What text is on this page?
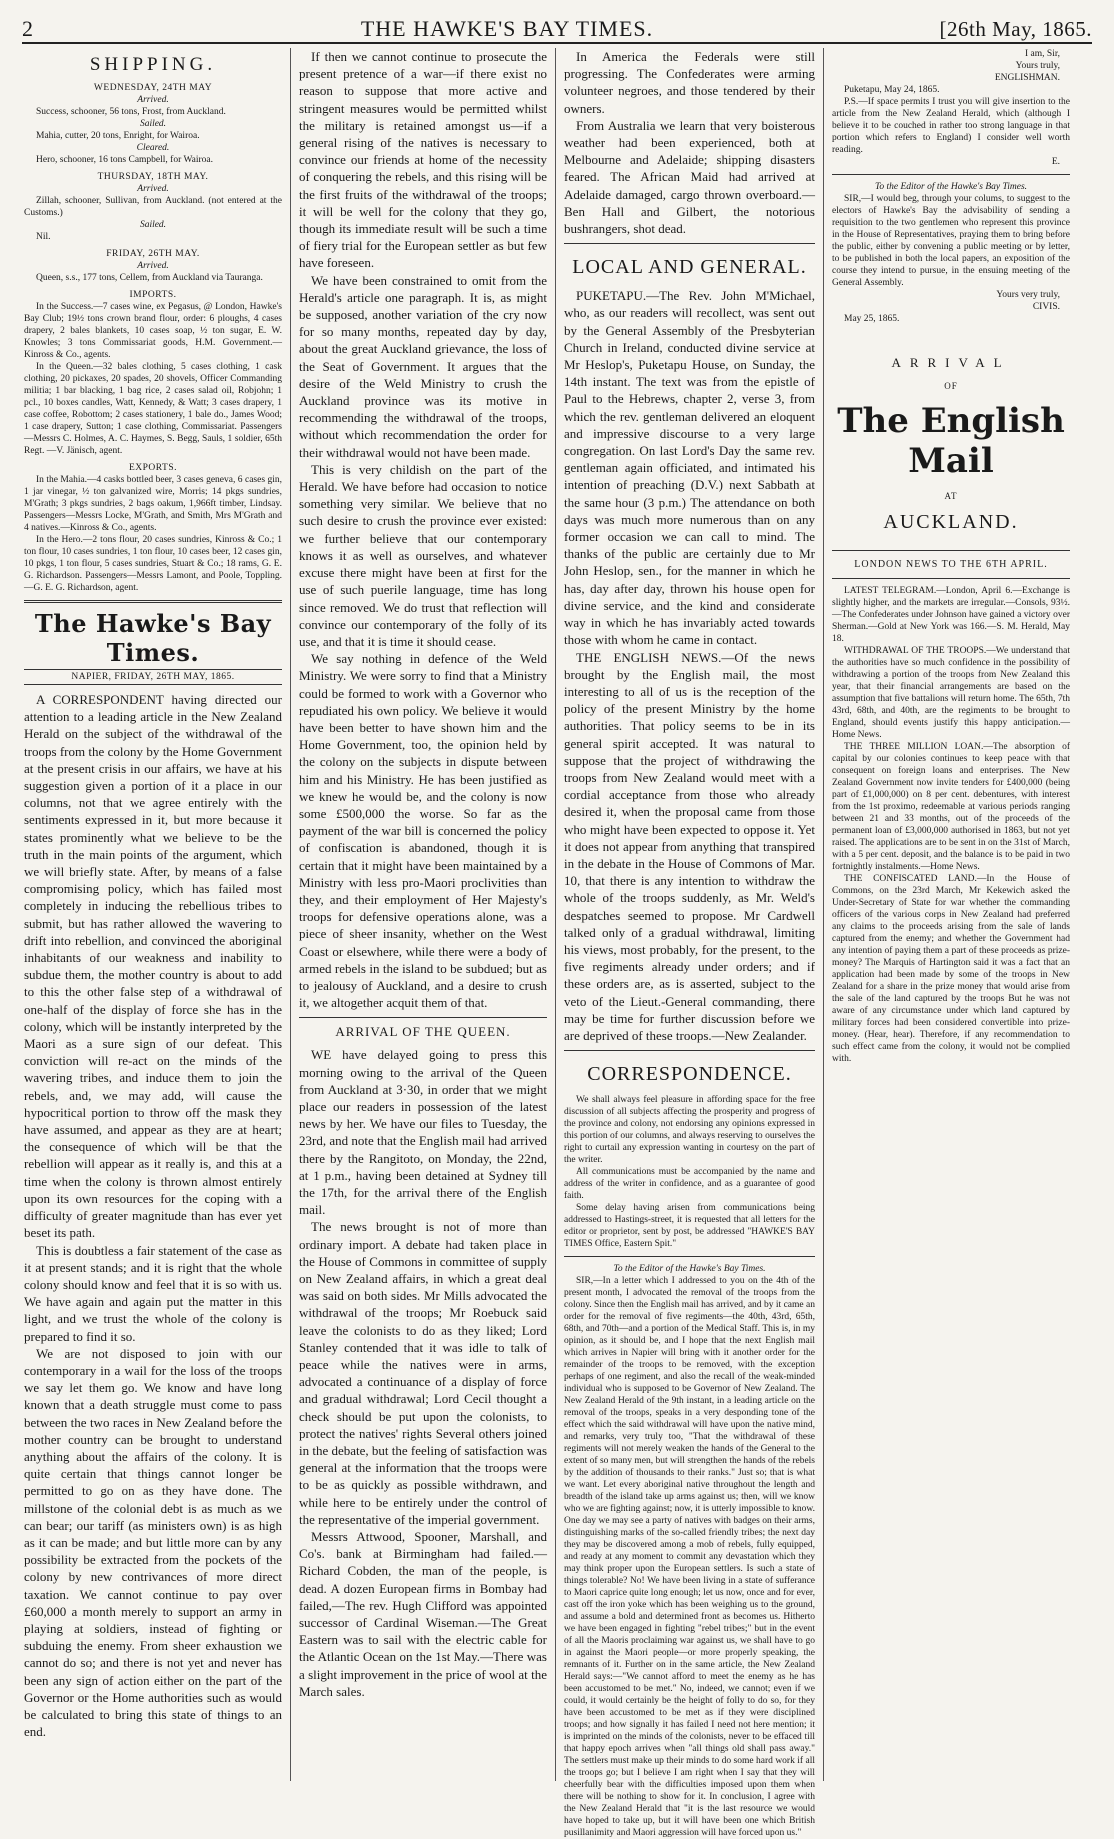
2	THE HAWKE'S BAY TIMES.	[26th May, 1865.
SHIPPING.
WEDNESDAY, 24TH MAY
Arrived.

Success, schooner, 56 tons, Frost, from Auckland.

Sailed.

Mahia, cutter, 20 tons, Enright, for Wairoa.

Cleared.

Hero, schooner, 16 tons Campbell, for Wairoa.

THURSDAY, 18TH MAY.
Arrived.

Zillah, schooner, Sullivan, from Auckland. (not entered at the Customs.)

Sailed.

Nil.

FRIDAY, 26TH MAY.
Arrived.

Queen, s.s., 177 tons, Cellem, from Auckland via Tauranga.

IMPORTS.

In the Success.—7 cases wine, ex Pegasus, @ London, Hawke's Bay Club; 19½ tons crown brand flour, order: 6 ploughs, 4 cases drapery, 2 bales blankets, 10 cases soap, ½ ton sugar, E. W. Knowles; 3 tons Commissariat goods, H.M. Government.—Kinross & Co., agents.

In the Queen.—32 bales clothing, 5 cases clothing, 1 cask clothing, 20 pickaxes, 20 spades, 20 shovels, Officer Commanding militia; 1 bar blacking, 1 bag rice, 2 cases salad oil, Robjohn; 1 pcl., 10 boxes candles, Watt, Kennedy, & Watt; 3 cases drapery, 1 case coffee, Robottom; 2 cases stationery, 1 bale do., James Wood; 1 case drapery, Sutton; 1 case clothing, Commissariat. Passengers—Messrs C. Holmes, A. C. Haymes, S. Begg, Sauls, 1 soldier, 65th Regt. —V. Jänisch, agent.

EXPORTS.

In the Mahia.—4 casks bottled beer, 3 cases geneva, 6 cases gin, 1 jar vinegar, ½ ton galvanized wire, Morris; 14 pkgs sundries, M'Grath; 3 pkgs sundries, 2 bags oakum, 1,966ft timber, Lindsay. Passengers—Messrs Locke, M'Grath, and Smith, Mrs M'Grath and 4 natives.—Kinross & Co., agents.

In the Hero.—2 tons flour, 20 cases sundries, Kinross & Co.; 1 ton flour, 10 cases sundries, 1 ton flour, 10 cases beer, 12 cases gin, 10 pkgs, 1 ton flour, 5 cases sundries, Stuart & Co.; 18 rams, G. E. G. Richardson. Passengers—Messrs Lamont, and Poole, Toppling.—G. E. G. Richardson, agent.

The Hawke's Bay Times.
NAPIER, FRIDAY, 26TH MAY, 1865.

A CORRESPONDENT having directed our attention to a leading article in the New Zealand Herald on the subject of the withdrawal of the troops from the colony by the Home Government at the present crisis in our affairs, we have at his suggestion given a portion of it a place in our columns, not that we agree entirely with the sentiments expressed in it, but more because it states prominently what we believe to be the truth in the main points of the argument, which we will briefly state. After, by means of a false compromising policy, which has failed most completely in inducing the rebellious tribes to submit, but has rather allowed the wavering to drift into rebellion, and convinced the aboriginal inhabitants of our weakness and inability to subdue them, the mother country is about to add to this the other false step of a withdrawal of one-half of the display of force she has in the colony, which will be instantly interpreted by the Maori as a sure sign of our defeat. This conviction will re-act on the minds of the wavering tribes, and induce them to join the rebels, and, we may add, will cause the hypocritical portion to throw off the mask they have assumed, and appear as they are at heart; the consequence of which will be that the rebellion will appear as it really is, and this at a time when the colony is thrown almost entirely upon its own resources for the coping with a difficulty of greater magnitude than has ever yet beset its path.

This is doubtless a fair statement of the case as it at present stands; and it is right that the whole colony should know and feel that it is so with us. We have again and again put the matter in this light, and we trust the whole of the colony is prepared to find it so.

We are not disposed to join with our contemporary in a wail for the loss of the troops we say let them go. We know and have long known that a death struggle must come to pass between the two races in New Zealand before the mother country can be brought to understand anything about the affairs of the colony. It is quite certain that things cannot longer be permitted to go on as they have done. The millstone of the colonial debt is as much as we can bear; our tariff (as ministers own) is as high as it can be made; and but little more can by any possibility be extracted from the pockets of the colony by new contrivances of more direct taxation. We cannot continue to pay over £60,000 a month merely to support an army in playing at soldiers, instead of fighting or subduing the enemy. From sheer exhaustion we cannot do so; and there is not yet and never has been any sign of action either on the part of the Governor or the Home authorities such as would be calculated to bring this state of things to an end.

If then we cannot continue to prosecute the present pretence of a war—if there exist no reason to suppose that more active and stringent measures would be permitted whilst the military is retained amongst us—if a general rising of the natives is necessary to convince our friends at home of the necessity of conquering the rebels, and this rising will be the first fruits of the withdrawal of the troops; it will be well for the colony that they go, though its immediate result will be such a time of fiery trial for the European settler as but few have foreseen.

We have been constrained to omit from the Herald's article one paragraph. It is, as might be supposed, another variation of the cry now for so many months, repeated day by day, about the great Auckland grievance, the loss of the Seat of Government. It argues that the desire of the Weld Ministry to crush the Auckland province was its motive in recommending the withdrawal of the troops, without which recommendation the order for their withdrawal would not have been made.

This is very childish on the part of the Herald. We have before had occasion to notice something very similar. We believe that no such desire to crush the province ever existed: we further believe that our contemporary knows it as well as ourselves, and whatever excuse there might have been at first for the use of such puerile language, time has long since removed. We do trust that reflection will convince our contemporary of the folly of its use, and that it is time it should cease.

We say nothing in defence of the Weld Ministry. We were sorry to find that a Ministry could be formed to work with a Governor who repudiated his own policy. We believe it would have been better to have shown him and the Home Government, too, the opinion held by the colony on the subjects in dispute between him and his Ministry. He has been justified as we knew he would be, and the colony is now some £500,000 the worse. So far as the payment of the war bill is concerned the policy of confiscation is abandoned, though it is certain that it might have been maintained by a Ministry with less pro-Maori proclivities than they, and their employment of Her Majesty's troops for defensive operations alone, was a piece of sheer insanity, whether on the West Coast or elsewhere, while there were a body of armed rebels in the island to be subdued; but as to jealousy of Auckland, and a desire to crush it, we altogether acquit them of that.

ARRIVAL OF THE QUEEN.

WE have delayed going to press this morning owing to the arrival of the Queen from Auckland at 3·30, in order that we might place our readers in possession of the latest news by her. We have our files to Tuesday, the 23rd, and note that the English mail had arrived there by the Rangitoto, on Monday, the 22nd, at 1 p.m., having been detained at Sydney till the 17th, for the arrival there of the English mail.

The news brought is not of more than ordinary import. A debate had taken place in the House of Commons in committee of supply on New Zealand affairs, in which a great deal was said on both sides. Mr Mills advocated the withdrawal of the troops; Mr Roebuck said leave the colonists to do as they liked; Lord Stanley contended that it was idle to talk of peace while the natives were in arms, advocated a continuance of a display of force and gradual withdrawal; Lord Cecil thought a check should be put upon the colonists, to protect the natives' rights Several others joined in the debate, but the feeling of satisfaction was general at the information that the troops were to be as quickly as possible withdrawn, and while here to be entirely under the control of the representative of the imperial government.

Messrs Attwood, Spooner, Marshall, and Co's. bank at Birmingham had failed.—Richard Cobden, the man of the people, is dead. A dozen European firms in Bombay had failed,—The rev. Hugh Clifford was appointed successor of Cardinal Wiseman.—The Great Eastern was to sail with the electric cable for the Atlantic Ocean on the 1st May.—There was a slight improvement in the price of wool at the March sales.

In America the Federals were still progressing. The Confederates were arming volunteer negroes, and those tendered by their owners.

From Australia we learn that very boisterous weather had been experienced, both at Melbourne and Adelaide; shipping disasters feared. The African Maid had arrived at Adelaide damaged, cargo thrown overboard.—Ben Hall and Gilbert, the notorious bushrangers, shot dead.

LOCAL AND GENERAL.

PUKETAPU.—The Rev. John M'Michael, who, as our readers will recollect, was sent out by the General Assembly of the Presbyterian Church in Ireland, conducted divine service at Mr Heslop's, Puketapu House, on Sunday, the 14th instant. The text was from the epistle of Paul to the Hebrews, chapter 2, verse 3, from which the rev. gentleman delivered an eloquent and impressive discourse to a very large congregation. On last Lord's Day the same rev. gentleman again officiated, and intimated his intention of preaching (D.V.) next Sabbath at the same hour (3 p.m.) The attendance on both days was much more numerous than on any former occasion we can call to mind. The thanks of the public are certainly due to Mr John Heslop, sen., for the manner in which he has, day after day, thrown his house open for divine service, and the kind and considerate way in which he has invariably acted towards those with whom he came in contact.

THE ENGLISH NEWS.—Of the news brought by the English mail, the most interesting to all of us is the reception of the policy of the present Ministry by the home authorities. That policy seems to be in its general spirit accepted. It was natural to suppose that the project of withdrawing the troops from New Zealand would meet with a cordial acceptance from those who already desired it, when the proposal came from those who might have been expected to oppose it. Yet it does not appear from anything that transpired in the debate in the House of Commons of Mar. 10, that there is any intention to withdraw the whole of the troops suddenly, as Mr. Weld's despatches seemed to propose. Mr Cardwell talked only of a gradual withdrawal, limiting his views, most probably, for the present, to the five regiments already under orders; and if these orders are, as is asserted, subject to the veto of the Lieut.-General commanding, there may be time for further discussion before we are deprived of these troops.—New Zealander.

CORRESPONDENCE.

We shall always feel pleasure in affording space for the free discussion of all subjects affecting the prosperity and progress of the province and colony, not endorsing any opinions expressed in this portion of our columns, and always reserving to ourselves the right to curtail any expression wanting in courtesy on the part of the writer.

All communications must be accompanied by the name and address of the writer in confidence, and as a guarantee of good faith.

Some delay having arisen from communications being addressed to Hastings-street, it is requested that all letters for the editor or proprietor, sent by post, be addressed "HAWKE'S BAY TIMES Office, Eastern Spit."

To the Editor of the Hawke's Bay Times.

SIR,—In a letter which I addressed to you on the 4th of the present month, I advocated the removal of the troops from the colony. Since then the English mail has arrived, and by it came an order for the removal of five regiments—the 40th, 43rd, 65th, 68th, and 70th—and a portion of the Medical Staff. This is, in my opinion, as it should be, and I hope that the next English mail which arrives in Napier will bring with it another order for the remainder of the troops to be removed, with the exception perhaps of one regiment, and also the recall of the weak-minded individual who is supposed to be Governor of New Zealand. The New Zealand Herald of the 9th instant, in a leading article on the removal of the troops, speaks in a very desponding tone of the effect which the said withdrawal will have upon the native mind, and remarks, very truly too, "That the withdrawal of these regiments will not merely weaken the hands of the General to the extent of so many men, but will strengthen the hands of the rebels by the addition of thousands to their ranks." Just so; that is what we want. Let every aboriginal native throughout the length and breadth of the island take up arms against us; then, will we know who we are fighting against; now, it is utterly impossible to know. One day we may see a party of natives with badges on their arms, distinguishing marks of the so-called friendly tribes; the next day they may be discovered among a mob of rebels, fully equipped, and ready at any moment to commit any devastation which they may think proper upon the European settlers. Is such a state of things tolerable? No! We have been living in a state of sufferance to Maori caprice quite long enough; let us now, once and for ever, cast off the iron yoke which has been weighing us to the ground, and assume a bold and determined front as becomes us. Hitherto we have been engaged in fighting "rebel tribes;" but in the event of all the Maoris proclaiming war against us, we shall have to go in against the Maori people—or more properly speaking, the remnants of it. Further on in the same article, the New Zealand Herald says:—"We cannot afford to meet the enemy as he has been accustomed to be met." No, indeed, we cannot; even if we could, it would certainly be the height of folly to do so, for they have been accustomed to be met as if they were disciplined troops; and how signally it has failed I need not here mention; it is imprinted on the minds of the colonists, never to be effaced till that happy epoch arrives when "all things old shall pass away." The settlers must make up their minds to do some hard work if all the troops go; but I believe I am right when I say that they will cheerfully bear with the difficulties imposed upon them when there will be nothing to show for it. In conclusion, I agree with the New Zealand Herald that "it is the last resource we would have hoped to take up, but it will have been one which British pusillanimity and Maori aggression will have forced upon us."

I am, Sir,
Yours truly,
ENGLISHMAN.

Puketapu, May 24, 1865.

P.S.—If space permits I trust you will give insertion to the article from the New Zealand Herald, which (although I believe it to be couched in rather too strong language in that portion which refers to England) I consider well worth reading.

E.
To the Editor of the Hawke's Bay Times.

SIR,—I would beg, through your colums, to suggest to the electors of Hawke's Bay the advisability of sending a requisition to the two gentlemen who represent this province in the House of Representatives, praying them to bring before the public, either by convening a public meeting or by letter, to be published in both the local papers, an exposition of the course they intend to pursue, in the ensuing meeting of the General Assembly.

Yours very truly,
CIVIS.

May 25, 1865.

ARRIVAL
OF
The English Mail
AT
AUCKLAND.
LONDON NEWS TO THE 6TH APRIL.

LATEST TELEGRAM.—London, April 6.—Exchange is slightly higher, and the markets are irregular.—Consols, 93½.—The Confederates under Johnson have gained a victory over Sherman.—Gold at New York was 166.—S. M. Herald, May 18.

WITHDRAWAL OF THE TROOPS.—We understand that the authorities have so much confidence in the possibility of withdrawing a portion of the troops from New Zealand this year, that their financial arrangements are based on the assumption that five battalions will return home. The 65th, 7th 43rd, 68th, and 40th, are the regiments to be brought to England, should events justify this happy anticipation.—Home News.

THE THREE MILLION LOAN.—The absorption of capital by our colonies continues to keep peace with that consequent on foreign loans and enterprises. The New Zealand Government now invite tenders for £400,000 (being part of £1,000,000) on 8 per cent. debentures, with interest from the 1st proximo, redeemable at various periods ranging between 21 and 33 months, out of the proceeds of the permanent loan of £3,000,000 authorised in 1863, but not yet raised. The applications are to be sent in on the 31st of March, with a 5 per cent. deposit, and the balance is to be paid in two fortnightly instalments.—Home News.

THE CONFISCATED LAND.—In the House of Commons, on the 23rd March, Mr Kekewich asked the Under-Secretary of State for war whether the commanding officers of the various corps in New Zealand had preferred any claims to the proceeds arising from the sale of lands captured from the enemy; and whether the Government had any intention of paying them a part of these proceeds as prize-money? The Marquis of Hartington said it was a fact that an application had been made by some of the troops in New Zealand for a share in the prize money that would arise from the sale of the land captured by the troops But he was not aware of any circumstance under which land captured by military forces had been considered convertible into prize-money. (Hear, hear). Therefore, if any recommendation to such effect came from the colony, it would not be complied with.
